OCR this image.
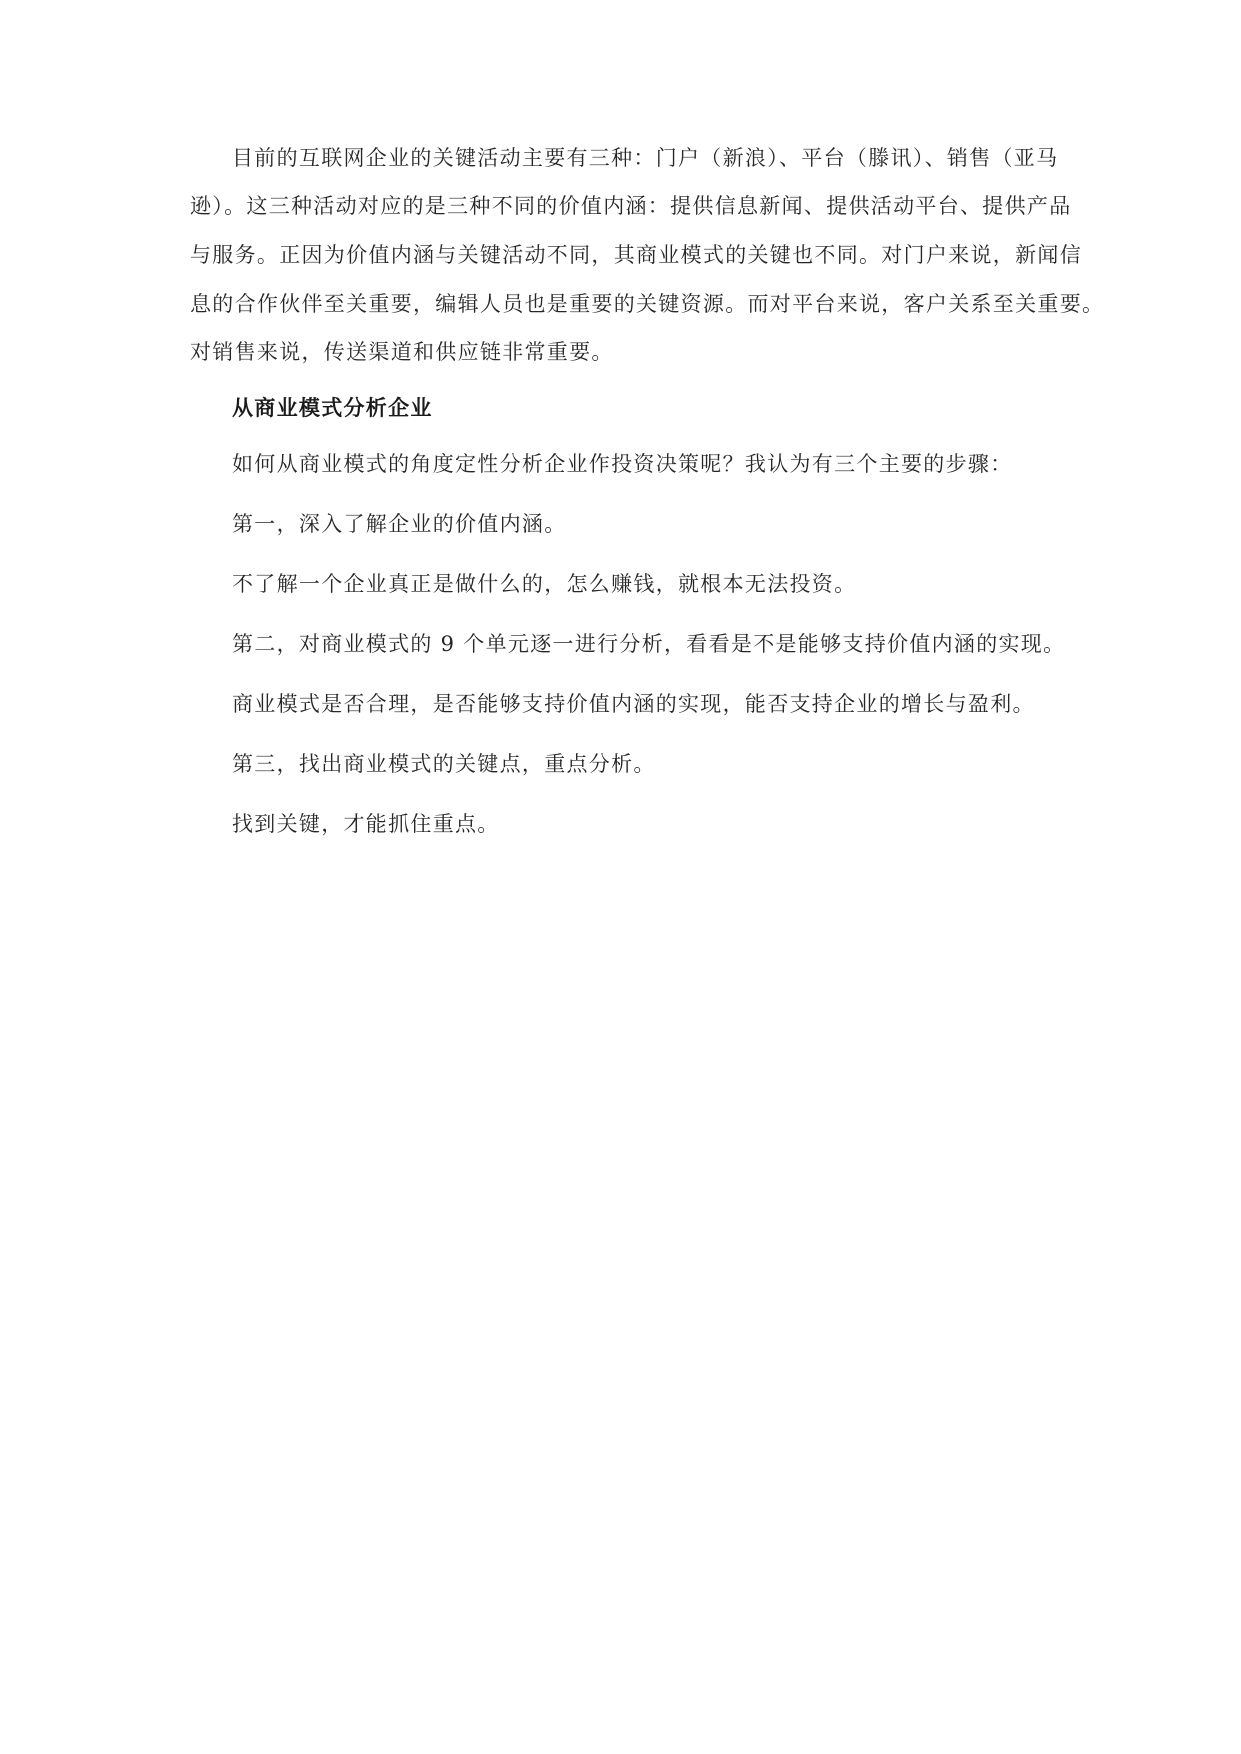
目前的互联网企业的关键活动主要有三种：门户（新浪）、平台（滕讯）、销售（亚马
逊）。这三种活动对应的是三种不同的价值内涵：提供信息新闻、提供活动平台、提供产品
与服务。正因为价值内涵与关键活动不同，其商业模式的关键也不同。对门户来说，新闻信
息的合作伙伴至关重要，编辑人员也是重要的关键资源。而对平台来说，客户关系至关重要。
对销售来说，传送渠道和供应链非常重要。
从商业模式分析企业
如何从商业模式的角度定性分析企业作投资决策呢？我认为有三个主要的步骤：
第一，深入了解企业的价值内涵。
不了解一个企业真正是做什么的，怎么赚钱，就根本无法投资。
第二，对商业模式的 9 个单元逐一进行分析，看看是不是能够支持价值内涵的实现。
商业模式是否合理，是否能够支持价值内涵的实现，能否支持企业的增长与盈利。
第三，找出商业模式的关键点，重点分析。
找到关键，才能抓住重点。
